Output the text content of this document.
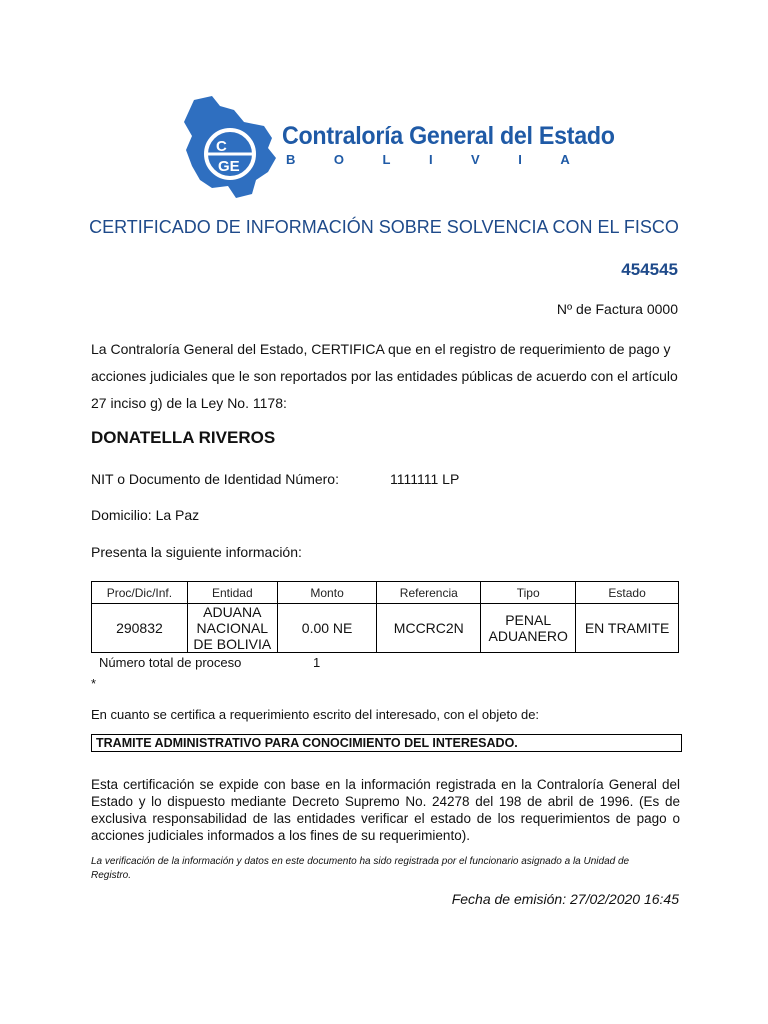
C
GE
Contraloría General del Estado
BOLIVIA
CERTIFICADO DE INFORMACIÓN SOBRE SOLVENCIA CON EL FISCO
454545
Nº de Factura 0000
La Contraloría General del Estado, CERTIFICA que en el registro de requerimiento de pago y acciones judiciales que le son reportados por las entidades públicas de acuerdo con el artículo 27 inciso g) de la Ley No. 1178:
DONATELLA RIVEROS
NIT o Documento de Identidad Número:	1111111 LP
Domicilio: La Paz
Presenta la siguiente información:
Proc/Dic/Inf.	Entidad	Monto	Referencia	Tipo	Estado
290832	ADUANA NACIONAL DE BOLIVIA	0.00 NE	MCCRC2N	PENAL ADUANERO	EN TRAMITE
Número total de proceso	1
*
En cuanto se certifica a requerimiento escrito del interesado, con el objeto de:
TRAMITE ADMINISTRATIVO PARA CONOCIMIENTO DEL INTERESADO.
Esta certificación se expide con base en la información registrada en la Contraloría General del Estado y lo dispuesto mediante Decreto Supremo No. 24278 del 198 de abril de 1996. (Es de exclusiva responsabilidad de las entidades verificar el estado de los requerimientos de pago o acciones judiciales informados a los fines de su requerimiento).
La verificación de la información y datos en este documento ha sido registrada por el funcionario asignado a la Unidad de Registro.
Fecha de emisión: 27/02/2020 16:45
